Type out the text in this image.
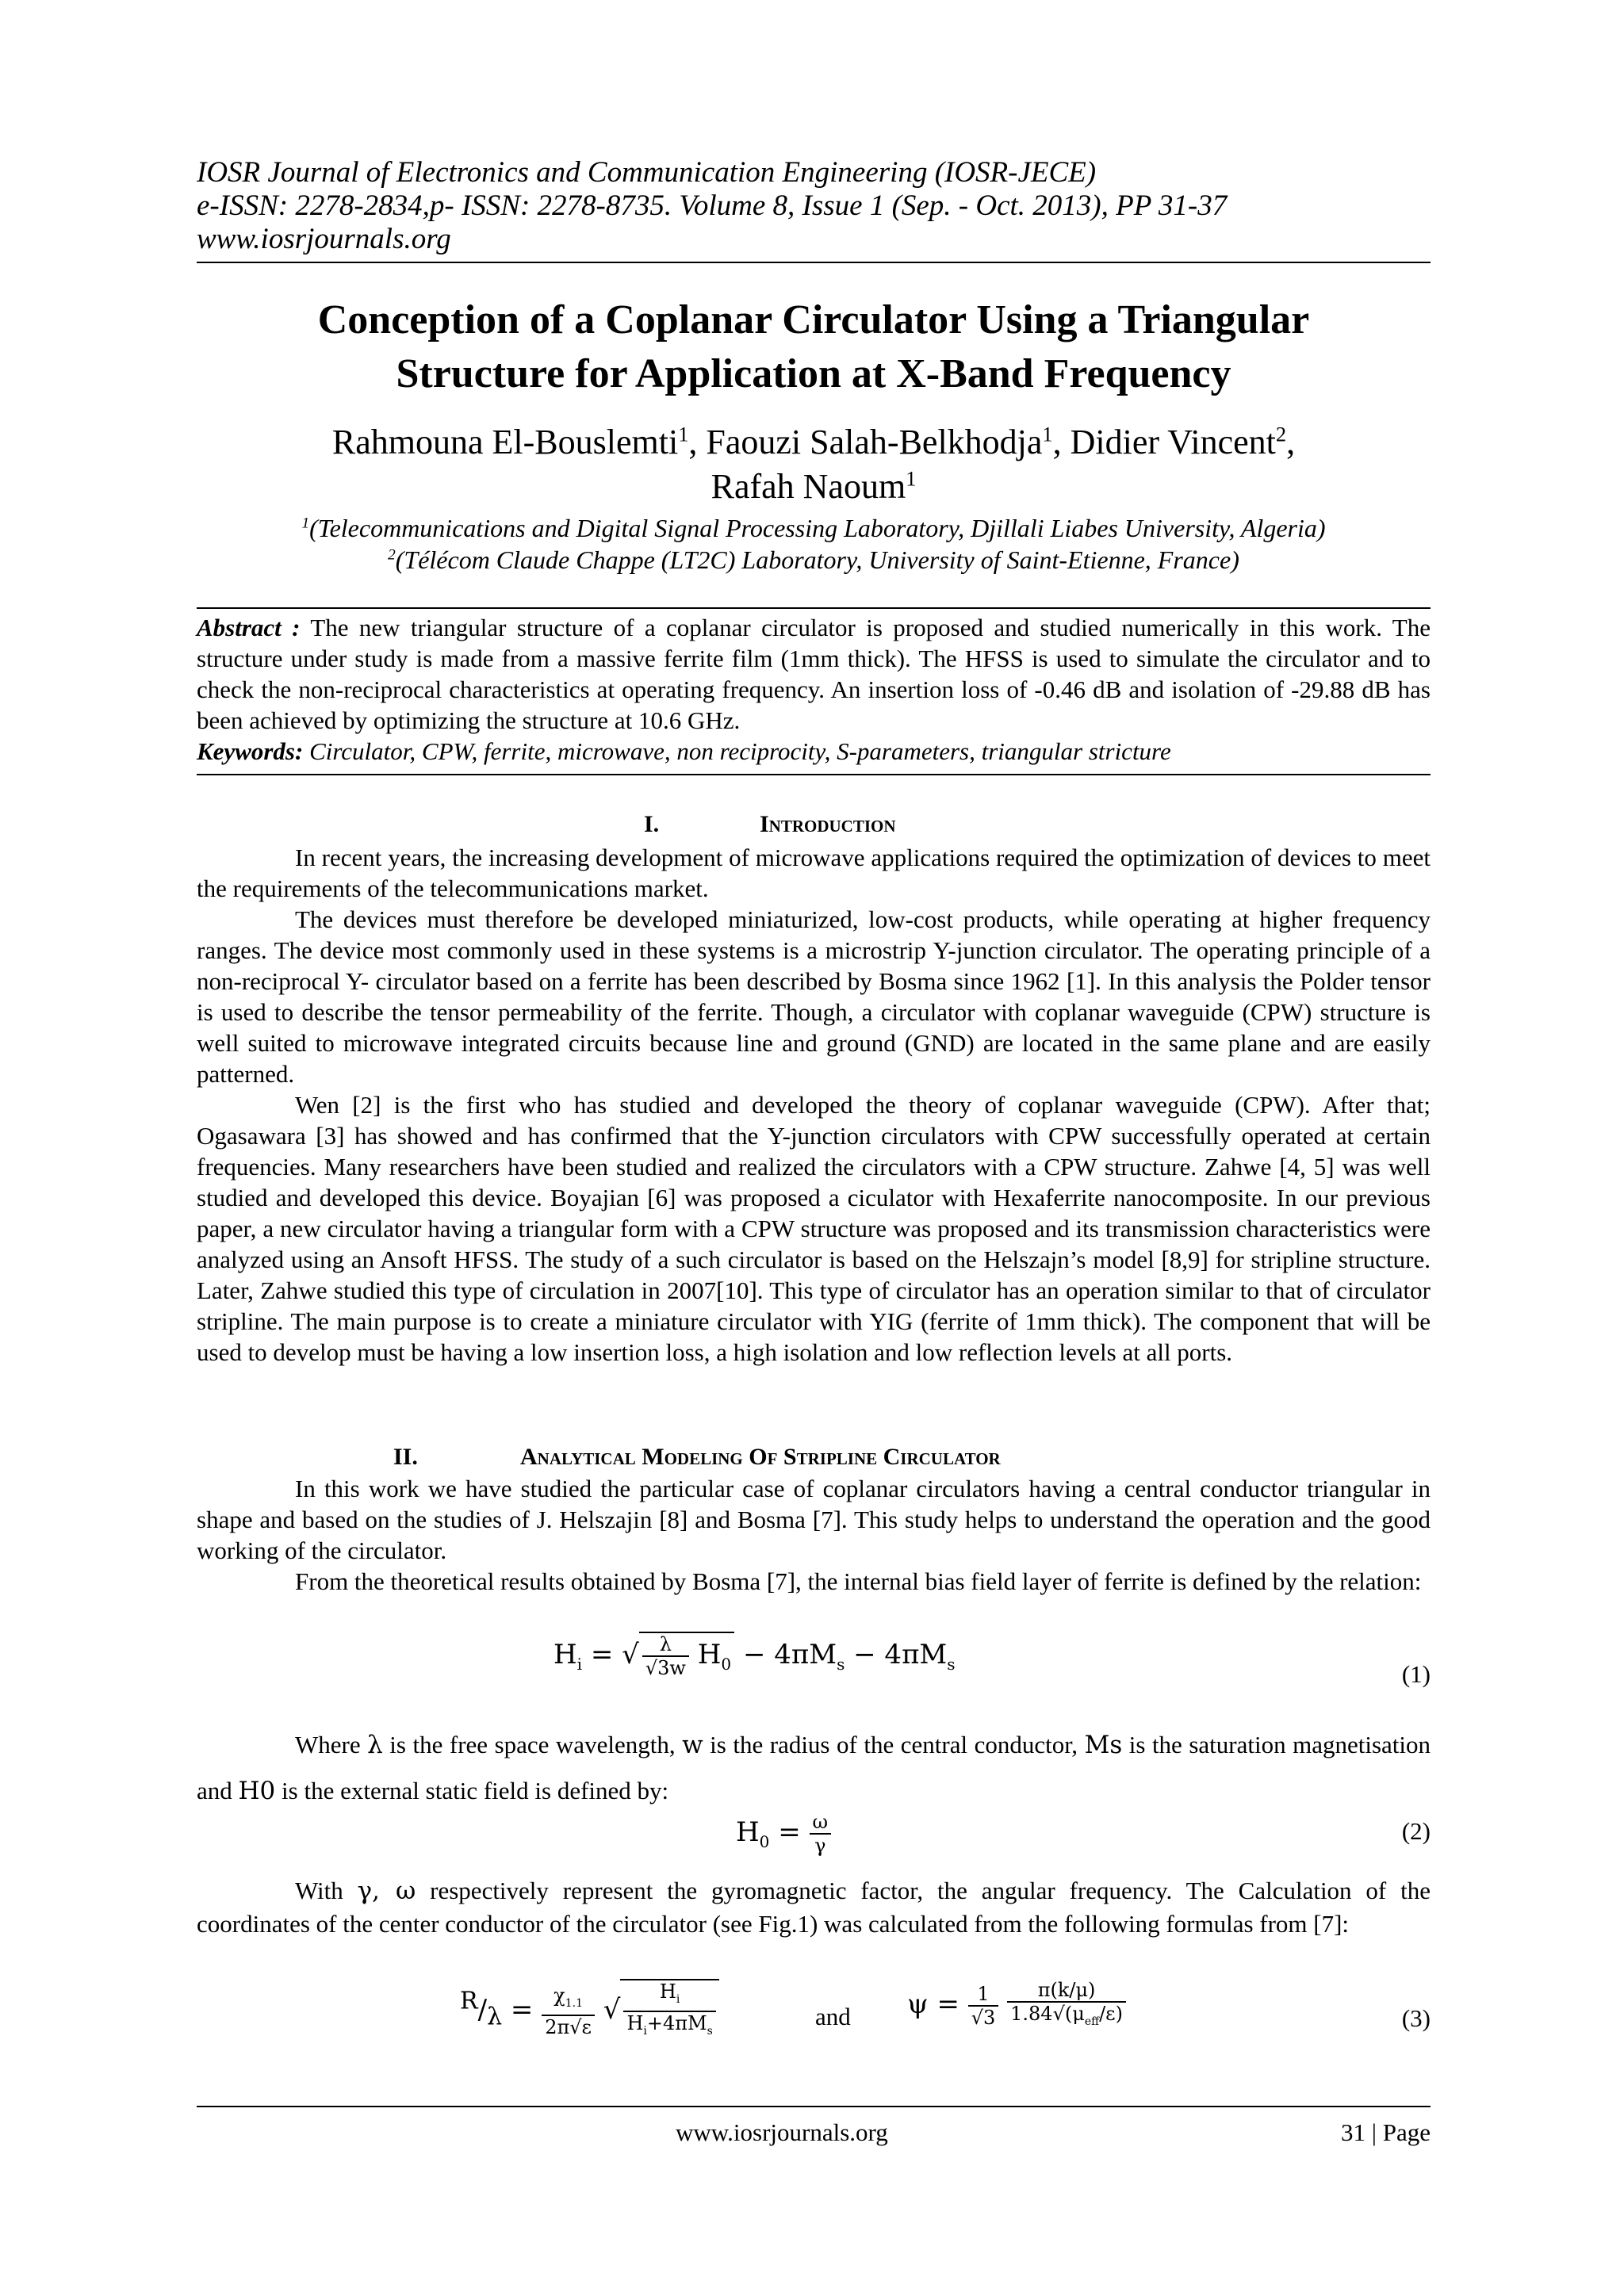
IOSR Journal of Electronics and Communication Engineering (IOSR-JECE)
e-ISSN: 2278-2834,p- ISSN: 2278-8735. Volume 8, Issue 1 (Sep. - Oct. 2013), PP 31-37
www.iosrjournals.org
Conception of a Coplanar Circulator Using a Triangular
Structure for Application at X-Band Frequency
Rahmouna El-Bouslemti$^1$, Faouzi Salah-Belkhodja$^1$, Didier Vincent$^2$,
Rafah Naoum$^1$
$^1$(Telecommunications and Digital Signal Processing Laboratory, Djillali Liabes University, Algeria)
$^2$(Télécom Claude Chappe (LT2C) Laboratory, University of Saint-Etienne, France)

Abstract : The new triangular structure of a coplanar circulator is proposed and studied numerically in this work. The structure under study is made from a massive ferrite film (1mm thick). The HFSS is used to simulate the circulator and to check the non-reciprocal characteristics at operating frequency. An insertion loss of -0.46 dB and isolation of -29.88 dB has been achieved by optimizing the structure at 10.6 GHz.

Keywords: Circulator, CPW, ferrite, microwave, non reciprocity, S-parameters, triangular stricture

I.	Introduction

In recent years, the increasing development of microwave applications required the optimization of devices to meet the requirements of the telecommunications market.

The devices must therefore be developed miniaturized, low-cost products, while operating at higher frequency ranges. The device most commonly used in these systems is a microstrip Y-junction circulator. The operating principle of a non-reciprocal Y- circulator based on a ferrite has been described by Bosma since 1962 [1]. In this analysis the Polder tensor is used to describe the tensor permeability of the ferrite. Though, a circulator with coplanar waveguide (CPW) structure is well suited to microwave integrated circuits because line and ground (GND) are located in the same plane and are easily patterned.

Wen [2] is the first who has studied and developed the theory of coplanar waveguide (CPW). After that; Ogasawara [3] has showed and has confirmed that the Y-junction circulators with CPW successfully operated at certain frequencies. Many researchers have been studied and realized the circulators with a CPW structure. Zahwe [4, 5] was well studied and developed this device. Boyajian [6] was proposed a ciculator with Hexaferrite nanocomposite. In our previous paper, a new circulator having a triangular form with a CPW structure was proposed and its transmission characteristics were analyzed using an Ansoft HFSS. The study of a such circulator is based on the Helszajn’s model [8,9] for stripline structure. Later, Zahwe studied this type of circulation in 2007[10]. This type of circulator has an operation similar to that of circulator stripline. The main purpose is to create a miniature circulator with YIG (ferrite of 1mm thick). The component that will be used to develop must be having a low insertion loss, a high isolation and low reflection levels at all ports.

II.	Analytical Modeling Of Stripline Circulator

In this work we have studied the particular case of coplanar circulators having a central conductor triangular in shape and based on the studies of J. Helszajin [8] and Bosma [7]. This study helps to understand the operation and the good working of the circulator.

From the theoretical results obtained by Bosma [7], the internal bias field layer of ferrite is defined by the relation:

$H_i$ = √ $\frac{\lambda}{√3w} H_0 - 4\pi M_s - 4\pi M_s$	(1)

Where λ is the free space wavelength, w is the radius of the central conductor, Ms is the saturation magnetisation and H0 is the external static field is defined by:

$H_0 = \frac{\omega}{\gamma}$	(2)

With γ, ω respectively represent the gyromagnetic factor, the angular frequency. The Calculation of the coordinates of the center conductor of the circulator (see Fig.1) was calculated from the following formulas from [7]:

$^R/_\lambda = \frac{\chi_{1.1}}{2\pi√\varepsilon}$ √ $\frac{H_i}{H_i+4\pi M_s}$	and $\psi = \frac{1}{√3}$
$\frac{\pi(k/\mu)}{1.84√(\mu_{eff}/\varepsilon)}$	(3)
www.iosrjournals.org	31 | Page
